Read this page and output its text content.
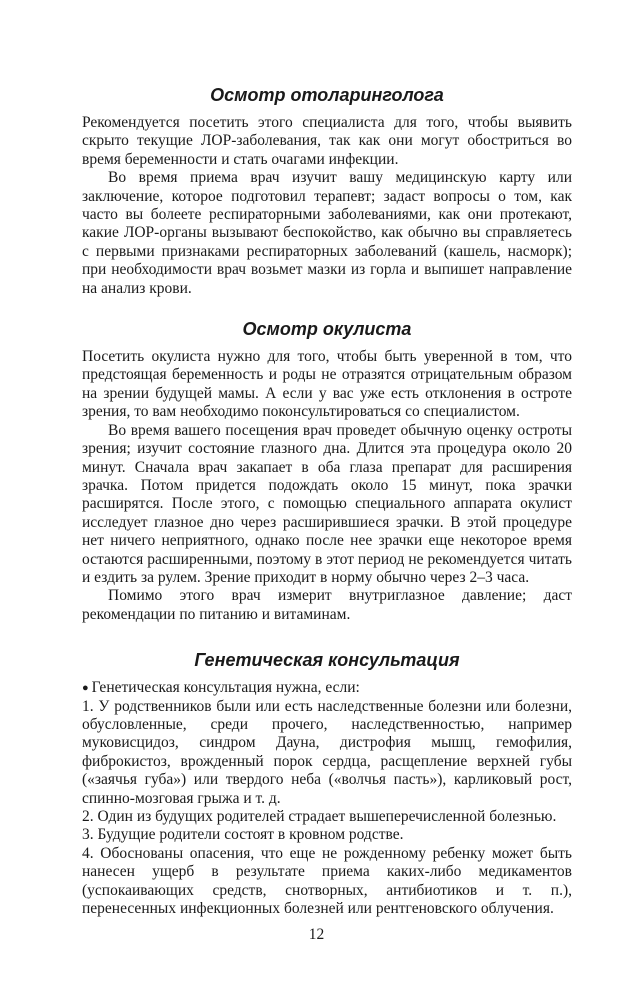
Осмотр отоларинголога

Рекомендуется посетить этого специалиста для того, чтобы выявить скрыто текущие ЛОР-заболевания, так как они могут обостриться во время беременности и стать очагами инфекции.

Во время приема врач изучит вашу медицинскую карту или заключение, которое подготовил терапевт; задаст вопросы о том, как часто вы болеете респираторными заболеваниями, как они протекают, какие ЛОР-органы вызывают беспокойство, как обычно вы справляетесь с первыми признаками респираторных заболеваний (кашель, насморк); при необходимости врач возьмет мазки из горла и выпишет направление на анализ крови.

Осмотр окулиста

Посетить окулиста нужно для того, чтобы быть уверенной в том, что предстоящая беременность и роды не отразятся отрицательным образом на зрении будущей мамы. А если у вас уже есть отклонения в остроте зрения, то вам необходимо поконсультироваться со специалистом.

Во время вашего посещения врач проведет обычную оценку остроты зрения; изучит состояние глазного дна. Длится эта процедура около 20 минут. Сначала врач закапает в оба глаза препарат для расширения зрачка. Потом придется подождать около 15 минут, пока зрачки расширятся. После этого, с помощью специального аппарата окулист исследует глазное дно через расширившиеся зрачки. В этой процедуре нет ничего неприятного, однако после нее зрачки еще некоторое время остаются расширенными, поэтому в этот период не рекомендуется читать и ездить за рулем. Зрение приходит в норму обычно через 2–3 часа.

Помимо этого врач измерит внутриглазное давление; даст рекомендации по питанию и витаминам.

Генетическая консультация

● Генетическая консультация нужна, если:

1. У родственников были или есть наследственные болезни или болезни, обусловленные, среди прочего, наследственностью, например муковисцидоз, синдром Дауна, дистрофия мышц, гемофилия, фиброкистоз, врожденный порок сердца, расщепление верхней губы («заячья губа») или твердого неба («волчья пасть»), карликовый рост, спинно-мозговая грыжа и т. д.

2. Один из будущих родителей страдает вышеперечисленной болезнью.

3. Будущие родители состоят в кровном родстве.

4. Обоснованы опасения, что еще не рожденному ребенку может быть нанесен ущерб в результате приема каких-либо медикаментов (успокаивающих средств, снотворных, антибиотиков и т. п.), перенесенных инфекционных болезней или рентгеновского облучения.

12
